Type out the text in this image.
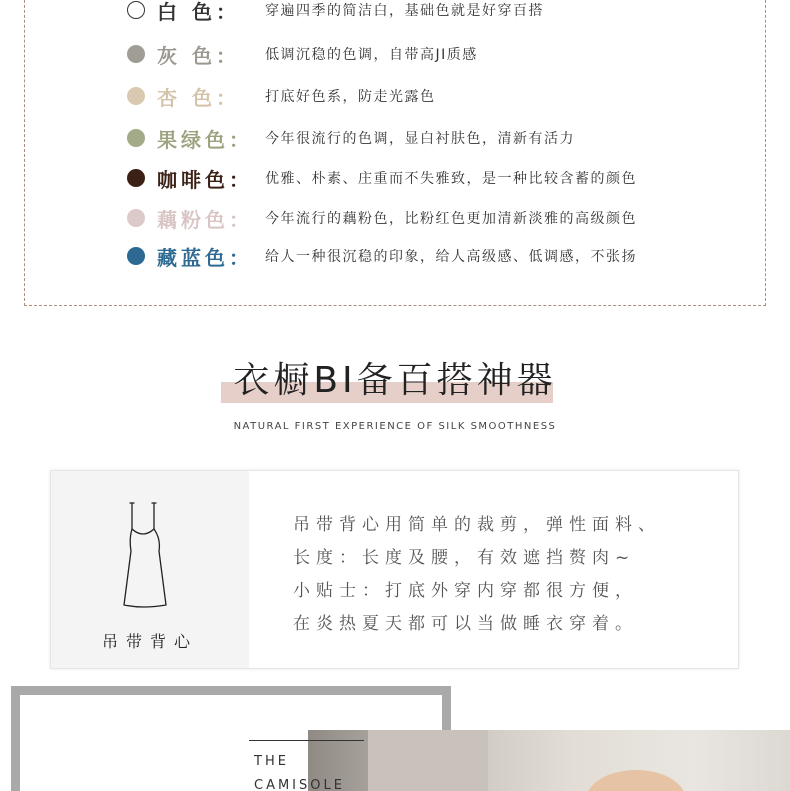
白 色：	穿遍四季的简洁白，基础色就是好穿百搭
灰 色：	低调沉稳的色调，自带高JI质感
杏 色：	打底好色系，防走光露色
果绿色： 今年很流行的色调，显白衬肤色，清新有活力
咖啡色： 优雅、朴素、庄重而不失雅致，是一种比较含蓄的颜色
藕粉色： 今年流行的藕粉色，比粉红色更加清新淡雅的高级颜色
藏蓝色： 给人一种很沉稳的印象，给人高级感、低调感，不张扬
衣橱BI备百搭神器
NATURAL FIRST EXPERIENCE OF SILK SMOOTHNESS
吊带背心
吊带背心用简单的裁剪，弹性面料、
长度：长度及腰，有效遮挡赘肉~
小贴士：打底外穿内穿都很方便，
在炎热夏天都可以当做睡衣穿着。
THE
CAMISOLE
